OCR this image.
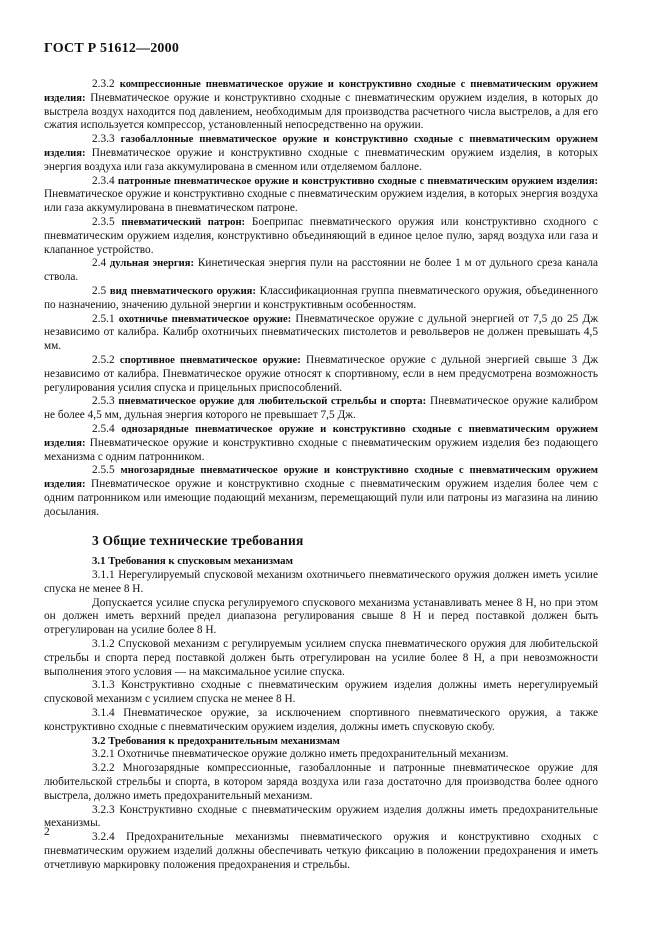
ГОСТ Р 51612—2000

2.3.2 компрессионные пневматическое оружие и конструктивно сходные с пневматическим оружием изделия: Пневматическое оружие и конструктивно сходные с пневматическим оружием изделия, в которых до выстрела воздух находится под давлением, необходимым для производства расчетного числа выстрелов, а для его сжатия используется компрессор, установленный непосредственно на оружии.

2.3.3 газобаллонные пневматическое оружие и конструктивно сходные с пневматическим оружием изделия: Пневматическое оружие и конструктивно сходные с пневматическим оружием изделия, в которых энергия воздуха или газа аккумулирована в сменном или отделяемом баллоне.

2.3.4 патронные пневматическое оружие и конструктивно сходные с пневматическим оружием изделия: Пневматическое оружие и конструктивно сходные с пневматическим оружием изделия, в которых энергия воздуха или газа аккумулирована в пневматическом патроне.

2.3.5 пневматический патрон: Боеприпас пневматического оружия или конструктивно сходного с пневматическим оружием изделия, конструктивно объединяющий в единое целое пулю, заряд воздуха или газа и клапанное устройство.

2.4 дульная энергия: Кинетическая энергия пули на расстоянии не более 1 м от дульного среза канала ствола.

2.5 вид пневматического оружия: Классификационная группа пневматического оружия, объединенного по назначению, значению дульной энергии и конструктивным особенностям.

2.5.1 охотничье пневматическое оружие: Пневматическое оружие с дульной энергией от 7,5 до 25 Дж независимо от калибра. Калибр охотничьих пневматических пистолетов и револьверов не должен превышать 4,5 мм.

2.5.2 спортивное пневматическое оружие: Пневматическое оружие с дульной энергией свыше 3 Дж независимо от калибра. Пневматическое оружие относят к спортивному, если в нем предусмотрена возможность регулирования усилия спуска и прицельных приспособлений.

2.5.3 пневматическое оружие для любительской стрельбы и спорта: Пневматическое оружие калибром не более 4,5 мм, дульная энергия которого не превышает 7,5 Дж.

2.5.4 однозарядные пневматическое оружие и конструктивно сходные с пневматическим оружием изделия: Пневматическое оружие и конструктивно сходные с пневматическим оружием изделия без подающего механизма с одним патронником.

2.5.5 многозарядные пневматическое оружие и конструктивно сходные с пневматическим оружием изделия: Пневматическое оружие и конструктивно сходные с пневматическим оружием изделия более чем с одним патронником или имеющие подающий механизм, перемещающий пули или патроны из магазина на линию досылания.

3 Общие технические требования
3.1 Требования к спусковым механизмам

3.1.1 Нерегулируемый спусковой механизм охотничьего пневматического оружия должен иметь усилие спуска не менее 8 Н.

Допускается усилие спуска регулируемого спускового механизма устанавливать менее 8 Н, но при этом он должен иметь верхний предел диапазона регулирования свыше 8 Н и перед поставкой должен быть отрегулирован на усилие более 8 Н.

3.1.2 Спусковой механизм с регулируемым усилием спуска пневматического оружия для любительской стрельбы и спорта перед поставкой должен быть отрегулирован на усилие более 8 Н, а при невозможности выполнения этого условия — на максимальное усилие спуска.

3.1.3 Конструктивно сходные с пневматическим оружием изделия должны иметь нерегулируемый спусковой механизм с усилием спуска не менее 8 Н.

3.1.4 Пневматическое оружие, за исключением спортивного пневматического оружия, а также конструктивно сходные с пневматическим оружием изделия, должны иметь спусковую скобу.

3.2 Требования к предохранительным механизмам

3.2.1 Охотничье пневматическое оружие должно иметь предохранительный механизм.

3.2.2 Многозарядные компрессионные, газобаллонные и патронные пневматическое оружие для любительской стрельбы и спорта, в котором заряда воздуха или газа достаточно для производства более одного выстрела, должно иметь предохранительный механизм.

3.2.3 Конструктивно сходные с пневматическим оружием изделия должны иметь предохранительные механизмы.

3.2.4 Предохранительные механизмы пневматического оружия и конструктивно сходных с пневматическим оружием изделий должны обеспечивать четкую фиксацию в положении предохранения и иметь отчетливую маркировку положения предохранения и стрельбы.

2
